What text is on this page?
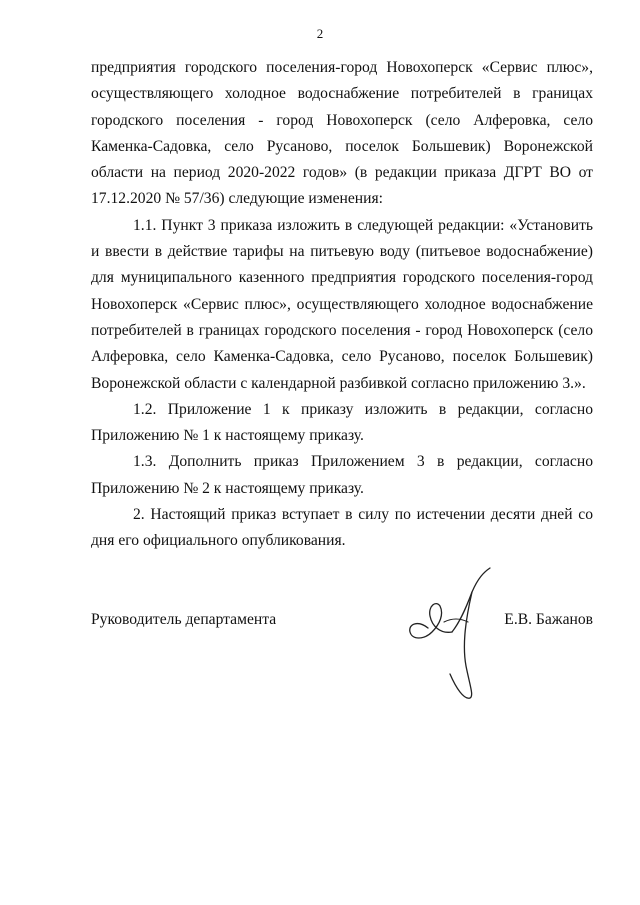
2

предприятия городского поселения-город Новохоперск «Сервис плюс», осуществляющего холодное водоснабжение потребителей в границах городского поселения - город Новохоперск (село Алферовка, село Каменка-Садовка, село Русаново, поселок Большевик) Воронежской области на период 2020-2022 годов» (в редакции приказа ДГРТ ВО от 17.12.2020 № 57/36) следующие изменения:

1.1. Пункт 3 приказа изложить в следующей редакции: «Установить и ввести в действие тарифы на питьевую воду (питьевое водоснабжение) для муниципального казенного предприятия городского поселения-город Новохоперск «Сервис плюс», осуществляющего холодное водоснабжение потребителей в границах городского поселения - город Новохоперск (село Алферовка, село Каменка-Садовка, село Русаново, поселок Большевик) Воронежской области с календарной разбивкой согласно приложению 3.».

1.2. Приложение 1 к приказу изложить в редакции, согласно Приложению № 1 к настоящему приказу.

1.3. Дополнить приказ Приложением 3 в редакции, согласно Приложению № 2 к настоящему приказу.

2. Настоящий приказ вступает в силу по истечении десяти дней со дня его официального опубликования.

Руководитель департамента	Е.В. Бажанов
